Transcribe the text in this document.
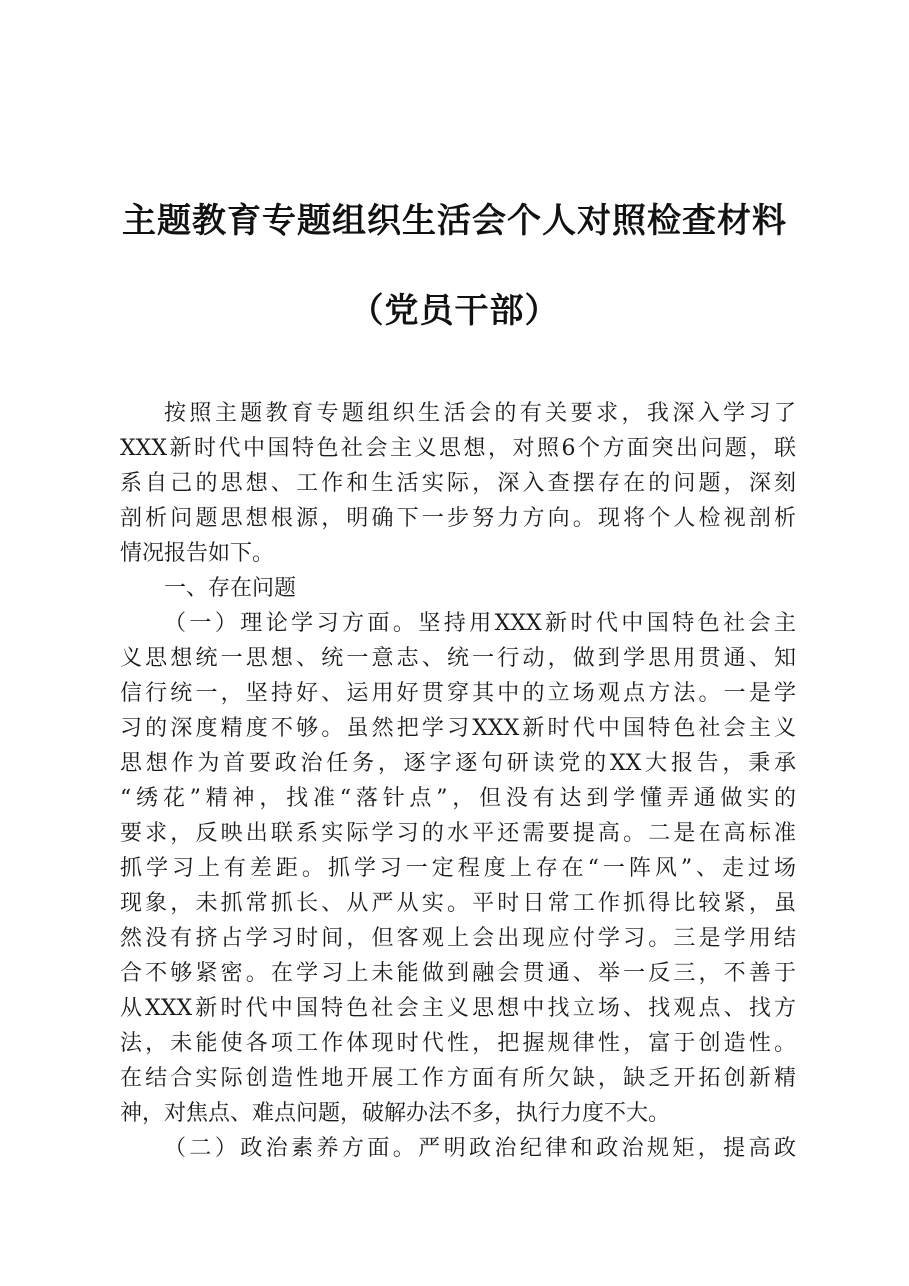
主题教育专题组织生活会个人对照检查材料
（党员干部）
按照主题教育专题组织生活会的有关要求，我深入学习了
XXX新时代中国特色社会主义思想，对照6个方面突出问题，联
系自己的思想、工作和生活实际，深入查摆存在的问题，深刻
剖析问题思想根源，明确下一步努力方向。现将个人检视剖析
情况报告如下。
一、存在问题
（一）理论学习方面。坚持用XXX新时代中国特色社会主
义思想统一思想、统一意志、统一行动，做到学思用贯通、知
信行统一，坚持好、运用好贯穿其中的立场观点方法。一是学
习的深度精度不够。虽然把学习XXX新时代中国特色社会主义
思想作为首要政治任务，逐字逐句研读党的XX大报告，秉承
“绣花”精神，找准“落针点”，但没有达到学懂弄通做实的
要求，反映出联系实际学习的水平还需要提高。二是在高标准
抓学习上有差距。抓学习一定程度上存在“一阵风”、走过场
现象，未抓常抓长、从严从实。平时日常工作抓得比较紧，虽
然没有挤占学习时间，但客观上会出现应付学习。三是学用结
合不够紧密。在学习上未能做到融会贯通、举一反三，不善于
从XXX新时代中国特色社会主义思想中找立场、找观点、找方
法，未能使各项工作体现时代性，把握规律性，富于创造性。
在结合实际创造性地开展工作方面有所欠缺，缺乏开拓创新精
神，对焦点、难点问题，破解办法不多，执行力度不大。
（二）政治素养方面。严明政治纪律和政治规矩，提高政
